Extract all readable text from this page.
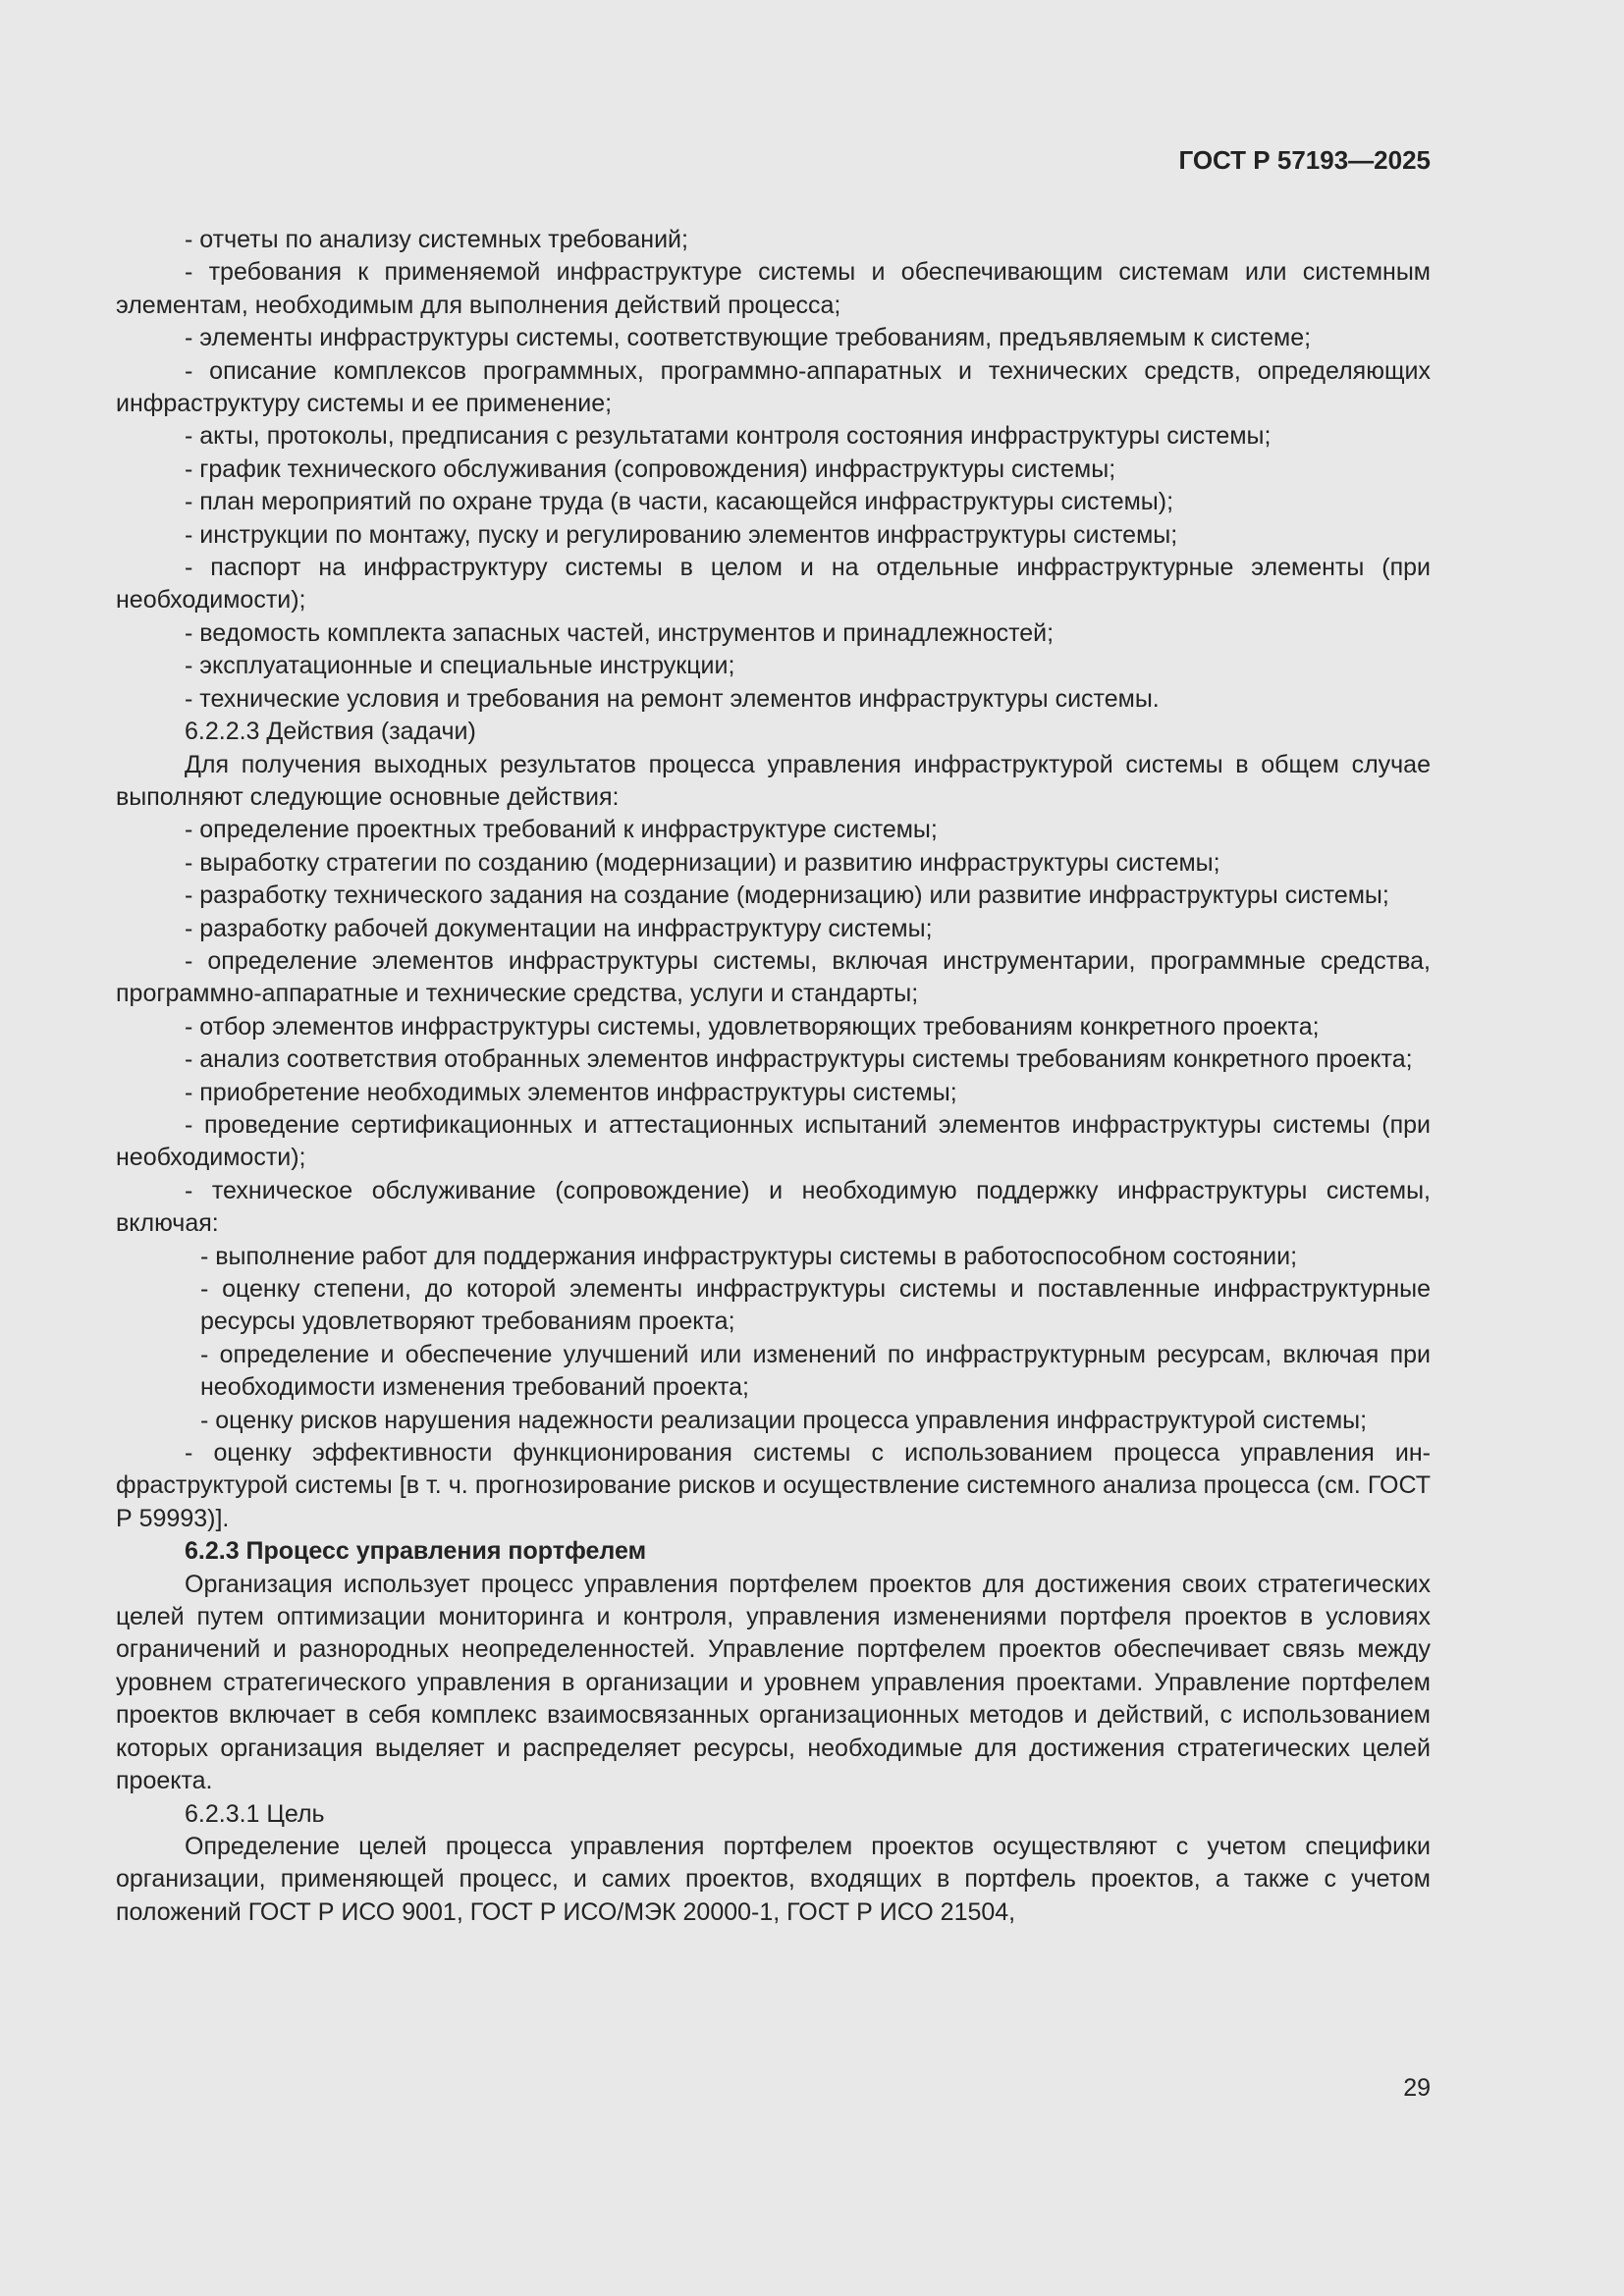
ГОСТ Р 57193—2025

- отчеты по анализу системных требований;

- требования к применяемой инфраструктуре системы и обеспечивающим системам или системным элементам, необходимым для выполнения действий процесса;

- элементы инфраструктуры системы, соответствующие требованиям, предъявляемым к системе;

- описание комплексов программных, программно-аппаратных и технических средств, определяющих инфраструктуру системы и ее применение;

- акты, протоколы, предписания с результатами контроля состояния инфраструктуры системы;

- график технического обслуживания (сопровождения) инфраструктуры системы;

- план мероприятий по охране труда (в части, касающейся инфраструктуры системы);

- инструкции по монтажу, пуску и регулированию элементов инфраструктуры системы;

- паспорт на инфраструктуру системы в целом и на отдельные инфраструктурные элементы (при необходимости);

- ведомость комплекта запасных частей, инструментов и принадлежностей;

- эксплуатационные и специальные инструкции;

- технические условия и требования на ремонт элементов инфраструктуры системы.

6.2.2.3 Действия (задачи)

Для получения выходных результатов процесса управления инфраструктурой системы в общем случае выполняют следующие основные действия:

- определение проектных требований к инфраструктуре системы;

- выработку стратегии по созданию (модернизации) и развитию инфраструктуры системы;

- разработку технического задания на создание (модернизацию) или развитие инфраструктуры системы;

- разработку рабочей документации на инфраструктуру системы;

- определение элементов инфраструктуры системы, включая инструментарии, программные средства, программно-аппаратные и технические средства, услуги и стандарты;

- отбор элементов инфраструктуры системы, удовлетворяющих требованиям конкретного проекта;

- анализ соответствия отобранных элементов инфраструктуры системы требованиям конкретного проекта;

- приобретение необходимых элементов инфраструктуры системы;

- проведение сертификационных и аттестационных испытаний элементов инфраструктуры системы (при необходимости);

- техническое обслуживание (сопровождение) и необходимую поддержку инфраструктуры системы, включая:

- выполнение работ для поддержания инфраструктуры системы в работоспособном состоянии;

- оценку степени, до которой элементы инфраструктуры системы и поставленные инфраструктурные ресурсы удовлетворяют требованиям проекта;

- определение и обеспечение улучшений или изменений по инфраструктурным ресурсам, включая при необходимости изменения требований проекта;

- оценку рисков нарушения надежности реализации процесса управления инфраструктурой системы;

- оценку эффективности функционирования системы с использованием процесса управления инфраструктурой системы [в т. ч. прогнозирование рисков и осуществление системного анализа процесса (см. ГОСТ Р 59993)].

6.2.3 Процесс управления портфелем

Организация использует процесс управления портфелем проектов для достижения своих стратегических целей путем оптимизации мониторинга и контроля, управления изменениями портфеля проектов в условиях ограничений и разнородных неопределенностей. Управление портфелем проектов обеспечивает связь между уровнем стратегического управления в организации и уровнем управления проектами. Управление портфелем проектов включает в себя комплекс взаимосвязанных организационных методов и действий, с использованием которых организация выделяет и распределяет ресурсы, необходимые для достижения стратегических целей проекта.

6.2.3.1 Цель

Определение целей процесса управления портфелем проектов осуществляют с учетом специфики организации, применяющей процесс, и самих проектов, входящих в портфель проектов, а также с учетом положений ГОСТ Р ИСО 9001, ГОСТ Р ИСО/МЭК 20000-1, ГОСТ Р ИСО 21504,

29
